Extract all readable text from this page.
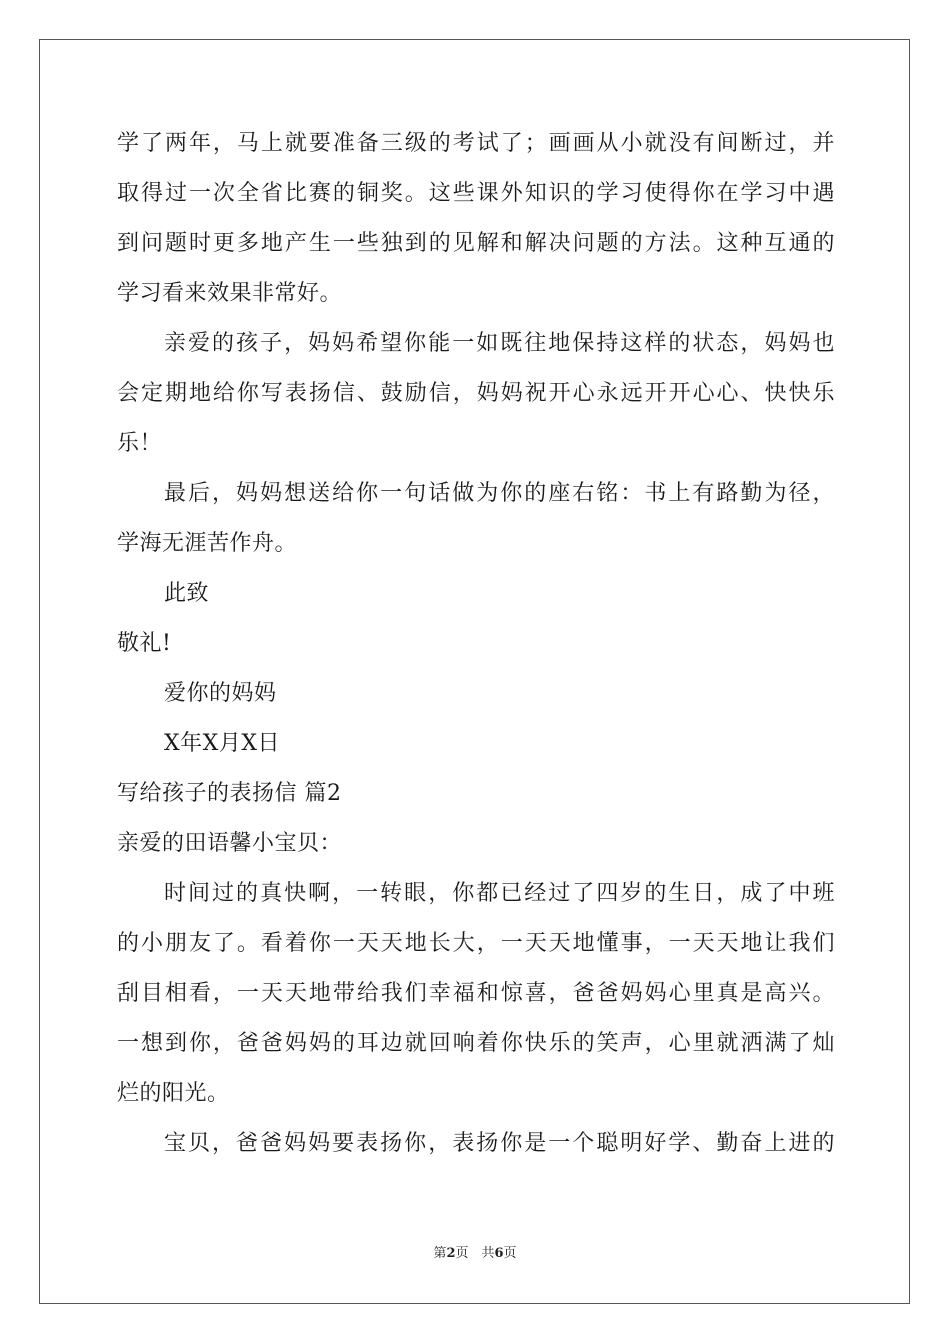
学了两年，马上就要准备三级的考试了；画画从小就没有间断过，并
取得过一次全省比赛的铜奖。这些课外知识的学习使得你在学习中遇
到问题时更多地产生一些独到的见解和解决问题的方法。这种互通的
学习看来效果非常好。
亲爱的孩子，妈妈希望你能一如既往地保持这样的状态，妈妈也
会定期地给你写表扬信、鼓励信，妈妈祝开心永远开开心心、快快乐
乐！
最后，妈妈想送给你一句话做为你的座右铭：书上有路勤为径，
学海无涯苦作舟。
此致
敬礼!
爱你的妈妈
X年X月X日
写给孩子的表扬信 篇2
亲爱的田语馨小宝贝：
时间过的真快啊，一转眼，你都已经过了四岁的生日，成了中班
的小朋友了。看着你一天天地长大，一天天地懂事，一天天地让我们
刮目相看，一天天地带给我们幸福和惊喜，爸爸妈妈心里真是高兴。
一想到你，爸爸妈妈的耳边就回响着你快乐的笑声，心里就洒满了灿
烂的阳光。
宝贝，爸爸妈妈要表扬你，表扬你是一个聪明好学、勤奋上进的
第2页　共6页
